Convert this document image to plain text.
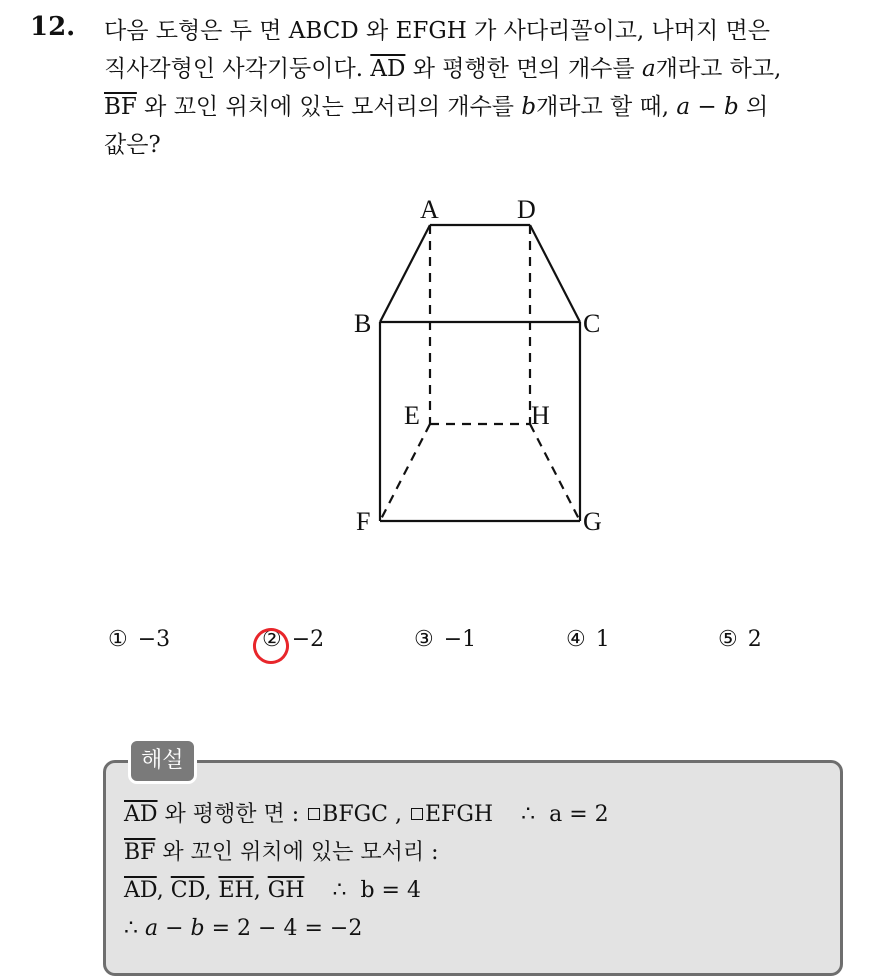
12. 다음 도형은 두 면 ABCD 와 EFGH 가 사다리꼴이고, 나머지 면은
직사각형인 사각기둥이다. $\overline{AD}$ 와 평행한 면의 개수를 a개라고 하고,
$\overline{BF}$ 와 꼬인 위치에 있는 모서리의 개수를 b개라고 할 때, a − b 의
값은?
A	D
B	C
E	H
F	G
① −3	② −2	③ −1	④ 1	⑤ 2
해설
$\overline{AD}$ 와 평행한 면 : BFGC , EFGH ∴ a = 2
$\overline{BF}$ 와 꼬인 위치에 있는 모서리 :
$\overline{AD}$, $\overline{CD}$, $\overline{EH}$, $\overline{GH}$ ∴ b = 4
∴ a − b = 2 − 4 = −2
